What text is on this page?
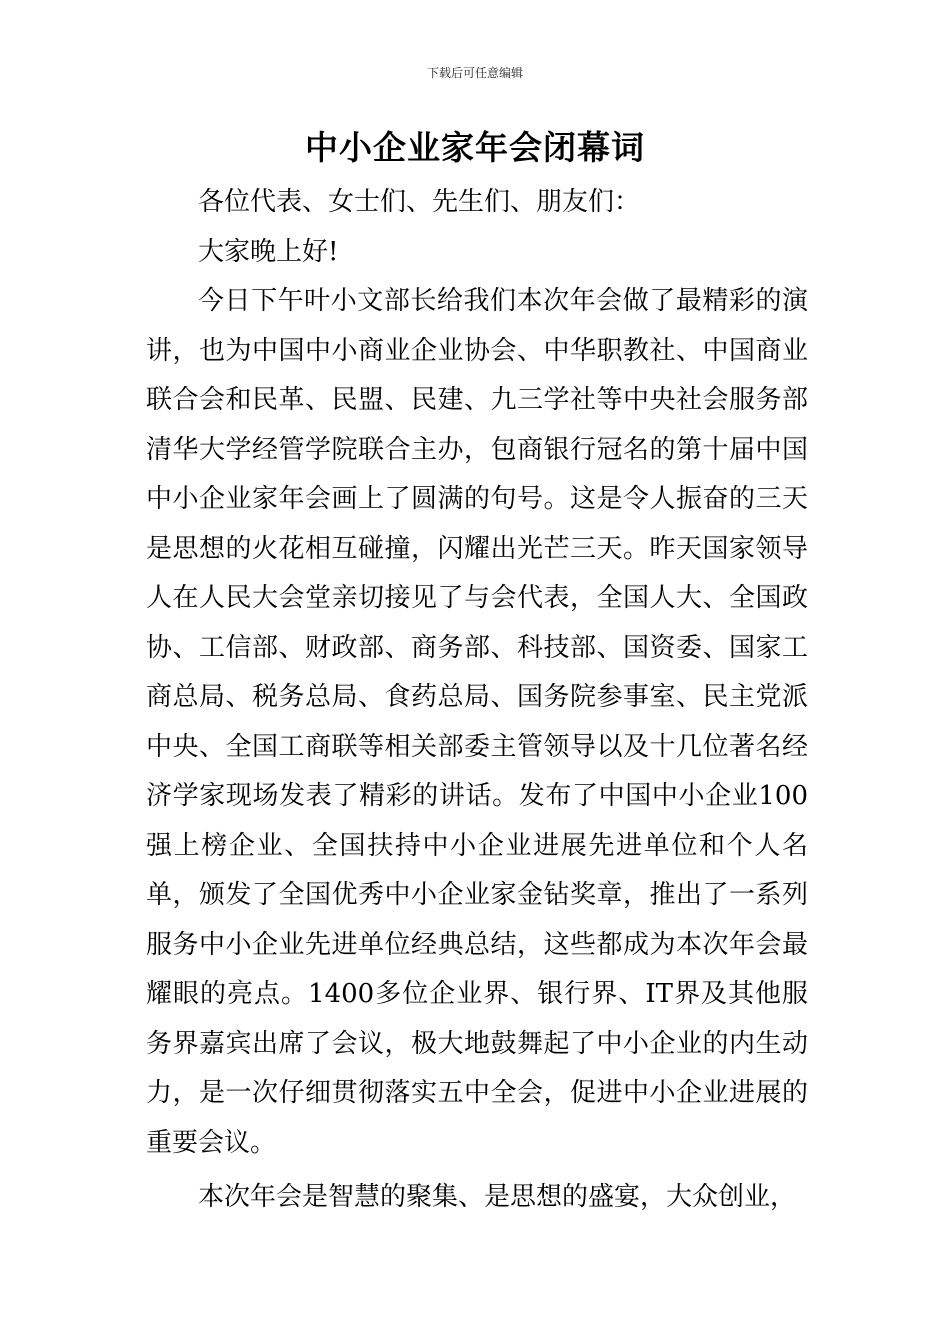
下载后可任意编辑
中小企业家年会闭幕词

各位代表、女士们、先生们、朋友们：

大家晚上好!

今日下午叶小文部长给我们本次年会做了最精彩的演讲，也为中国中小商业企业协会、中华职教社、中国商业联合会和民革、民盟、民建、九三学社等中央社会服务部清华大学经管学院联合主办，包商银行冠名的第十届中国中小企业家年会画上了圆满的句号。这是令人振奋的三天是思想的火花相互碰撞，闪耀出光芒三天。昨天国家领导人在人民大会堂亲切接见了与会代表，全国人大、全国政协、工信部、财政部、商务部、科技部、国资委、国家工商总局、税务总局、食药总局、国务院参事室、民主党派中央、全国工商联等相关部委主管领导以及十几位著名经济学家现场发表了精彩的讲话。发布了中国中小企业100强上榜企业、全国扶持中小企业进展先进单位和个人名单，颁发了全国优秀中小企业家金钻奖章，推出了一系列服务中小企业先进单位经典总结，这些都成为本次年会最耀眼的亮点。1400多位企业界、银行界、IT界及其他服务界嘉宾出席了会议，极大地鼓舞起了中小企业的内生动力，是一次仔细贯彻落实五中全会，促进中小企业进展的重要会议。

本次年会是智慧的聚集、是思想的盛宴，大众创业，
